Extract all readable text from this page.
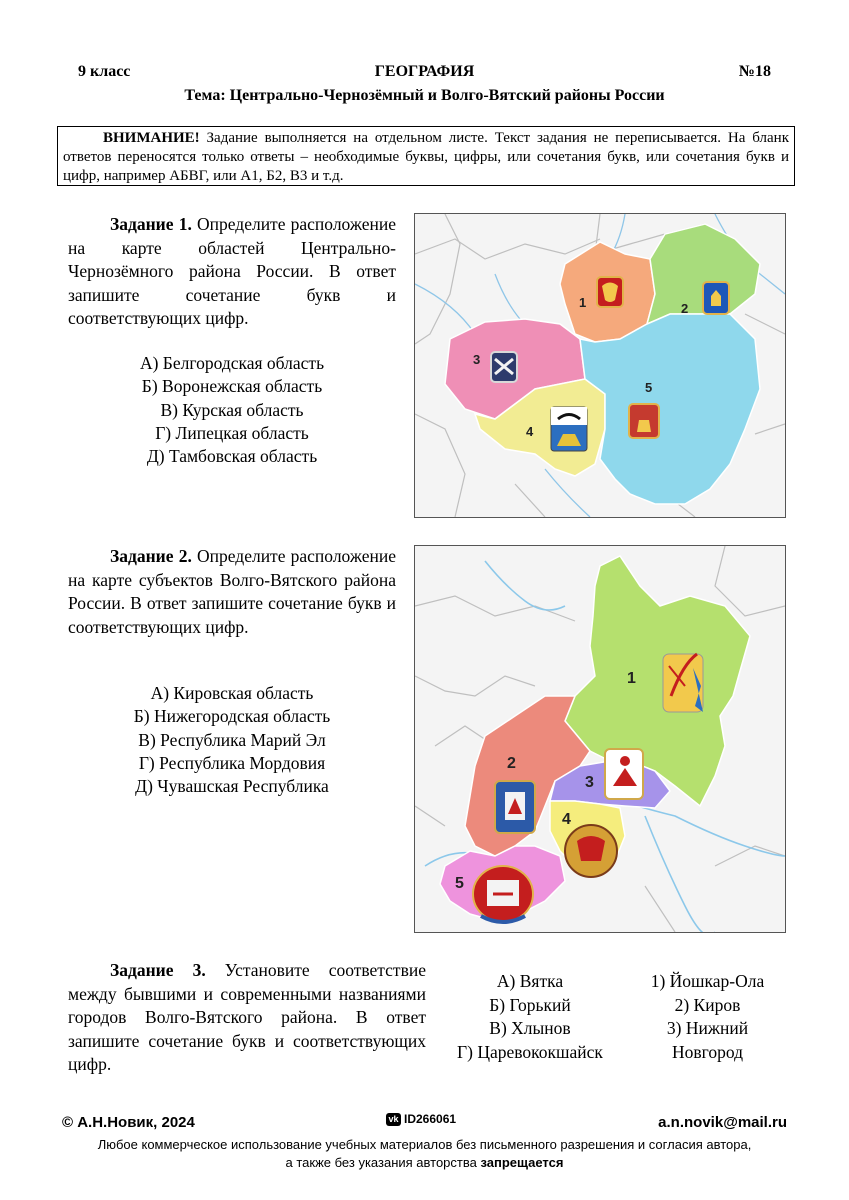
9 класс	ГЕОГРАФИЯ	№18
Тема: Центрально-Чернозёмный и Волго-Вятский районы России

ВНИМАНИЕ! Задание выполняется на отдельном листе. Текст задания не переписывается. На бланк ответов переносятся только ответы – необходимые буквы, цифры, или сочетания букв, или сочетания букв и цифр, например АБВГ, или А1, Б2, В3 и т.д.

Задание 1. Определите расположение на карте областей Центрально-Чернозёмного района России. В ответ запишите сочетание букв и соответствующих цифр.
А) Белгородская область
Б) Воронежская область
В) Курская область
Г) Липецкая область
Д) Тамбовская область
1	2
3
4
5
Задание 2. Определите расположение на карте субъектов Волго-Вятского района России. В ответ запишите сочетание букв и соответствующих цифр.
А) Кировская область
Б) Нижегородская область
В) Республика Марий Эл
Г) Республика Мордовия
Д) Чувашская Республика
1
2
3
4
5
Задание 3. Установите соответствие между бывшими и современными названиями городов Волго-Вятского района. В ответ запишите сочетание букв и соответствующих цифр.
А) Вятка
Б) Горький
В) Хлынов
Г) Царевококшайск
1) Йошкар-Ола
2) Киров
3) Нижний
Новгород
© А.Н.Новик, 2024	vk ID266061	a.n.novik@mail.ru
Любое коммерческое использование учебных материалов без письменного разрешения и согласия автора,
а также без указания авторства запрещается
